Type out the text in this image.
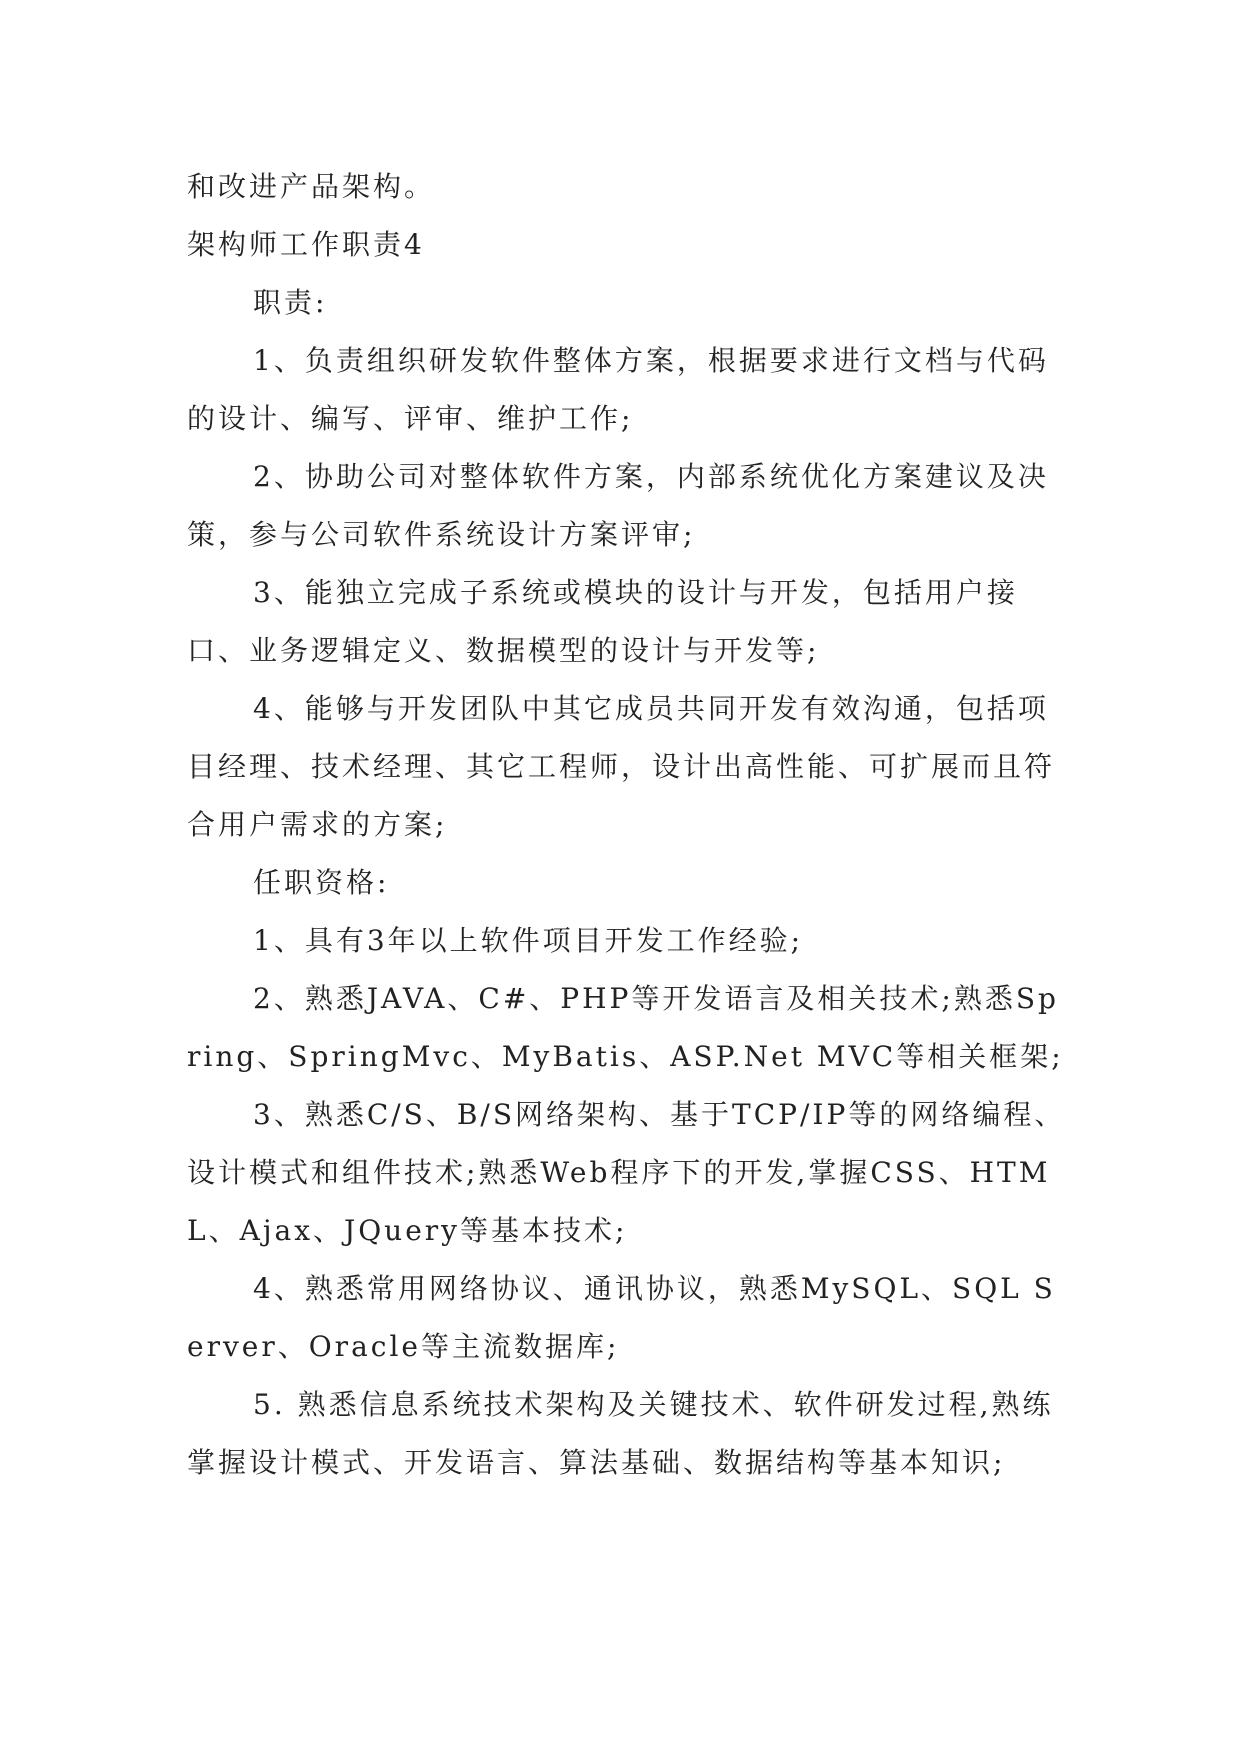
和改进产品架构。

架构师工作职责4

职责:

1、负责组织研发软件整体方案，根据要求进行文档与代码的设计、编写、评审、维护工作;

2、协助公司对整体软件方案，内部系统优化方案建议及决策，参与公司软件系统设计方案评审;

3、能独立完成子系统或模块的设计与开发，包括用户接口、业务逻辑定义、数据模型的设计与开发等;

4、能够与开发团队中其它成员共同开发有效沟通，包括项目经理、技术经理、其它工程师，设计出高性能、可扩展而且符合用户需求的方案;

任职资格:

1、具有3年以上软件项目开发工作经验;

2、熟悉JAVA、C#、PHP等开发语言及相关技术;熟悉Spring、SpringMvc、MyBatis、ASP.Net MVC等相关框架;

3、熟悉C/S、B/S网络架构、基于TCP/IP等的网络编程、设计模式和组件技术;熟悉Web程序下的开发,掌握CSS、HTML、Ajax、JQuery等基本技术;

4、熟悉常用网络协议、通讯协议，熟悉MySQL、SQL Server、Oracle等主流数据库;

5. 熟悉信息系统技术架构及关键技术、软件研发过程,熟练掌握设计模式、开发语言、算法基础、数据结构等基本知识;
